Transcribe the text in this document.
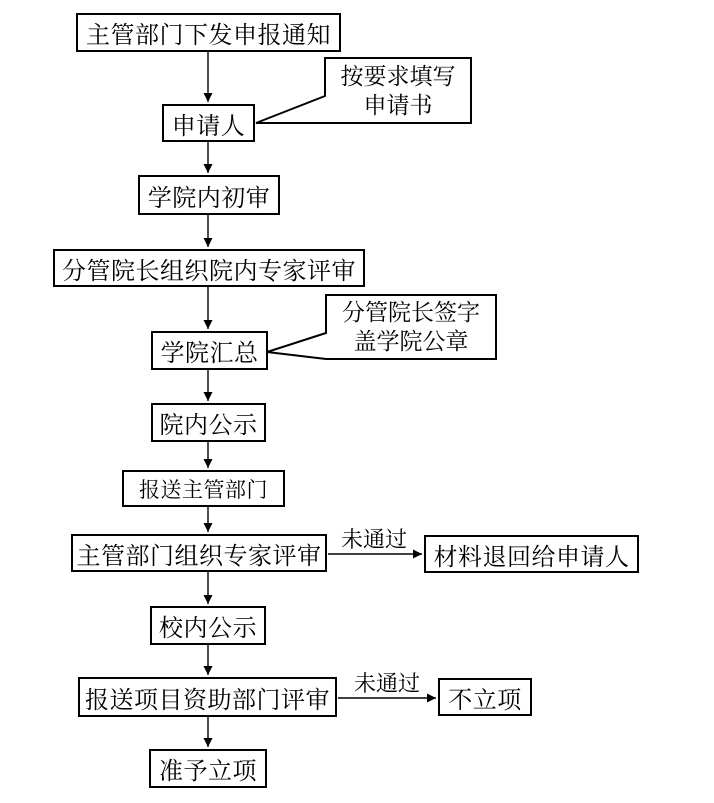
主管部门下发申报通知
申请人
学院内初审
分管院长组织院内专家评审
学院汇总
院内公示
报送主管部门
主管部门组织专家评审
校内公示
报送项目资助部门评审
准予立项
材料退回给申请人
不立项
按要求填写
申请书
分管院长签字
盖学院公章
未通过
未通过
